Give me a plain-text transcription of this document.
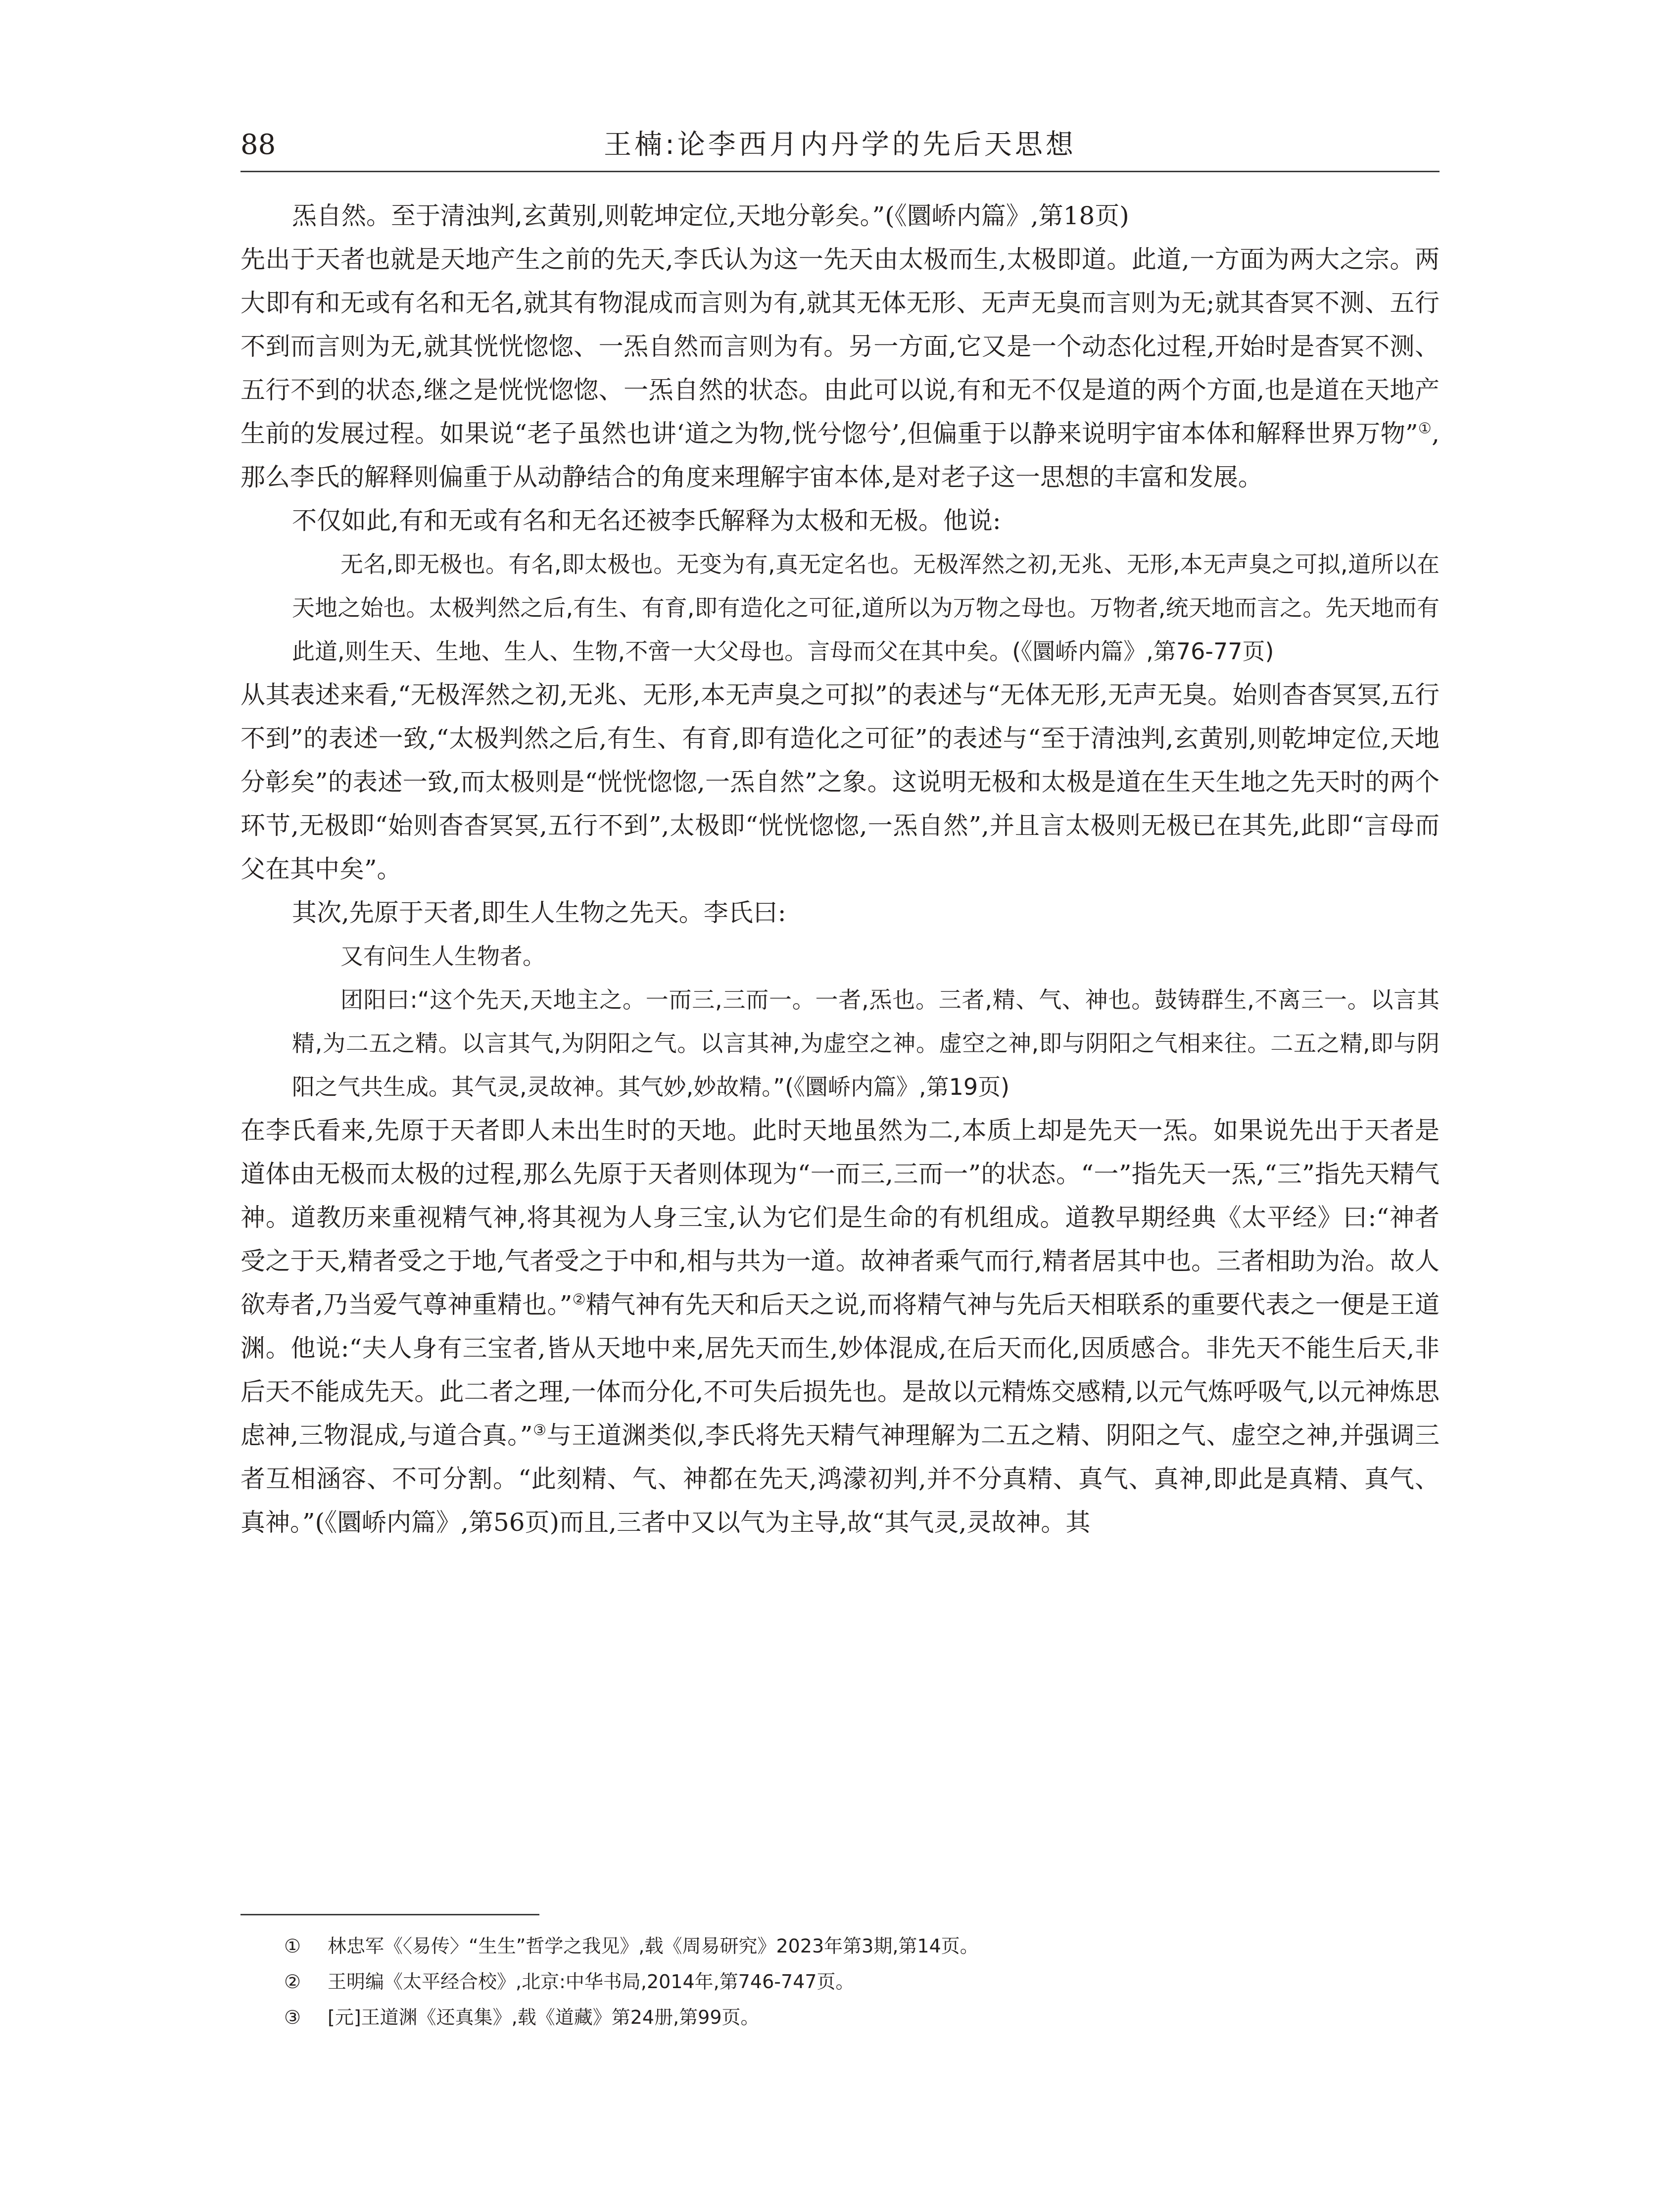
88	王楠:论李西月内丹学的先后天思想

炁自然。至于清浊判,玄黄别,则乾坤定位,天地分彰矣。”(《圜峤内篇》,第18页)

先出于天者也就是天地产生之前的先天,李氏认为这一先天由太极而生,太极即道。此道,一方面为两大之宗。两大即有和无或有名和无名,就其有物混成而言则为有,就其无体无形、无声无臭而言则为无;就其杳冥不测、五行不到而言则为无,就其恍恍惚惚、一炁自然而言则为有。另一方面,它又是一个动态化过程,开始时是杳冥不测、五行不到的状态,继之是恍恍惚惚、一炁自然的状态。由此可以说,有和无不仅是道的两个方面,也是道在天地产生前的发展过程。如果说“老子虽然也讲‘道之为物,恍兮惚兮’,但偏重于以静来说明宇宙本体和解释世界万物”①,那么李氏的解释则偏重于从动静结合的角度来理解宇宙本体,是对老子这一思想的丰富和发展。

不仅如此,有和无或有名和无名还被李氏解释为太极和无极。他说:

无名,即无极也。有名,即太极也。无变为有,真无定名也。无极浑然之初,无兆、无形,本无声臭之可拟,道所以在天地之始也。太极判然之后,有生、有育,即有造化之可征,道所以为万物之母也。万物者,统天地而言之。先天地而有此道,则生天、生地、生人、生物,不啻一大父母也。言母而父在其中矣。(《圜峤内篇》,第76-77页)

从其表述来看,“无极浑然之初,无兆、无形,本无声臭之可拟”的表述与“无体无形,无声无臭。始则杳杳冥冥,五行不到”的表述一致,“太极判然之后,有生、有育,即有造化之可征”的表述与“至于清浊判,玄黄别,则乾坤定位,天地分彰矣”的表述一致,而太极则是“恍恍惚惚,一炁自然”之象。这说明无极和太极是道在生天生地之先天时的两个环节,无极即“始则杳杳冥冥,五行不到”,太极即“恍恍惚惚,一炁自然”,并且言太极则无极已在其先,此即“言母而父在其中矣”。

其次,先原于天者,即生人生物之先天。李氏曰:

又有问生人生物者。

团阳曰:“这个先天,天地主之。一而三,三而一。一者,炁也。三者,精、气、神也。鼓铸群生,不离三一。以言其精,为二五之精。以言其气,为阴阳之气。以言其神,为虚空之神。虚空之神,即与阴阳之气相来往。二五之精,即与阴阳之气共生成。其气灵,灵故神。其气妙,妙故精。”(《圜峤内篇》,第19页)

在李氏看来,先原于天者即人未出生时的天地。此时天地虽然为二,本质上却是先天一炁。如果说先出于天者是道体由无极而太极的过程,那么先原于天者则体现为“一而三,三而一”的状态。“一”指先天一炁,“三”指先天精气神。道教历来重视精气神,将其视为人身三宝,认为它们是生命的有机组成。道教早期经典《太平经》曰:“神者受之于天,精者受之于地,气者受之于中和,相与共为一道。故神者乘气而行,精者居其中也。三者相助为治。故人欲寿者,乃当爱气尊神重精也。”②精气神有先天和后天之说,而将精气神与先后天相联系的重要代表之一便是王道渊。他说:“夫人身有三宝者,皆从天地中来,居先天而生,妙体混成,在后天而化,因质感合。非先天不能生后天,非后天不能成先天。此二者之理,一体而分化,不可失后损先也。是故以元精炼交感精,以元气炼呼吸气,以元神炼思虑神,三物混成,与道合真。”③与王道渊类似,李氏将先天精气神理解为二五之精、阴阳之气、虚空之神,并强调三者互相涵容、不可分割。“此刻精、气、神都在先天,鸿濛初判,并不分真精、真气、真神,即此是真精、真气、真神。”(《圜峤内篇》,第56页)而且,三者中又以气为主导,故“其气灵,灵故神。其

①	林忠军《〈易传〉“生生”哲学之我见》,载《周易研究》2023年第3期,第14页。
②	王明编《太平经合校》,北京:中华书局,2014年,第746-747页。
③	[元]王道渊《还真集》,载《道藏》第24册,第99页。
